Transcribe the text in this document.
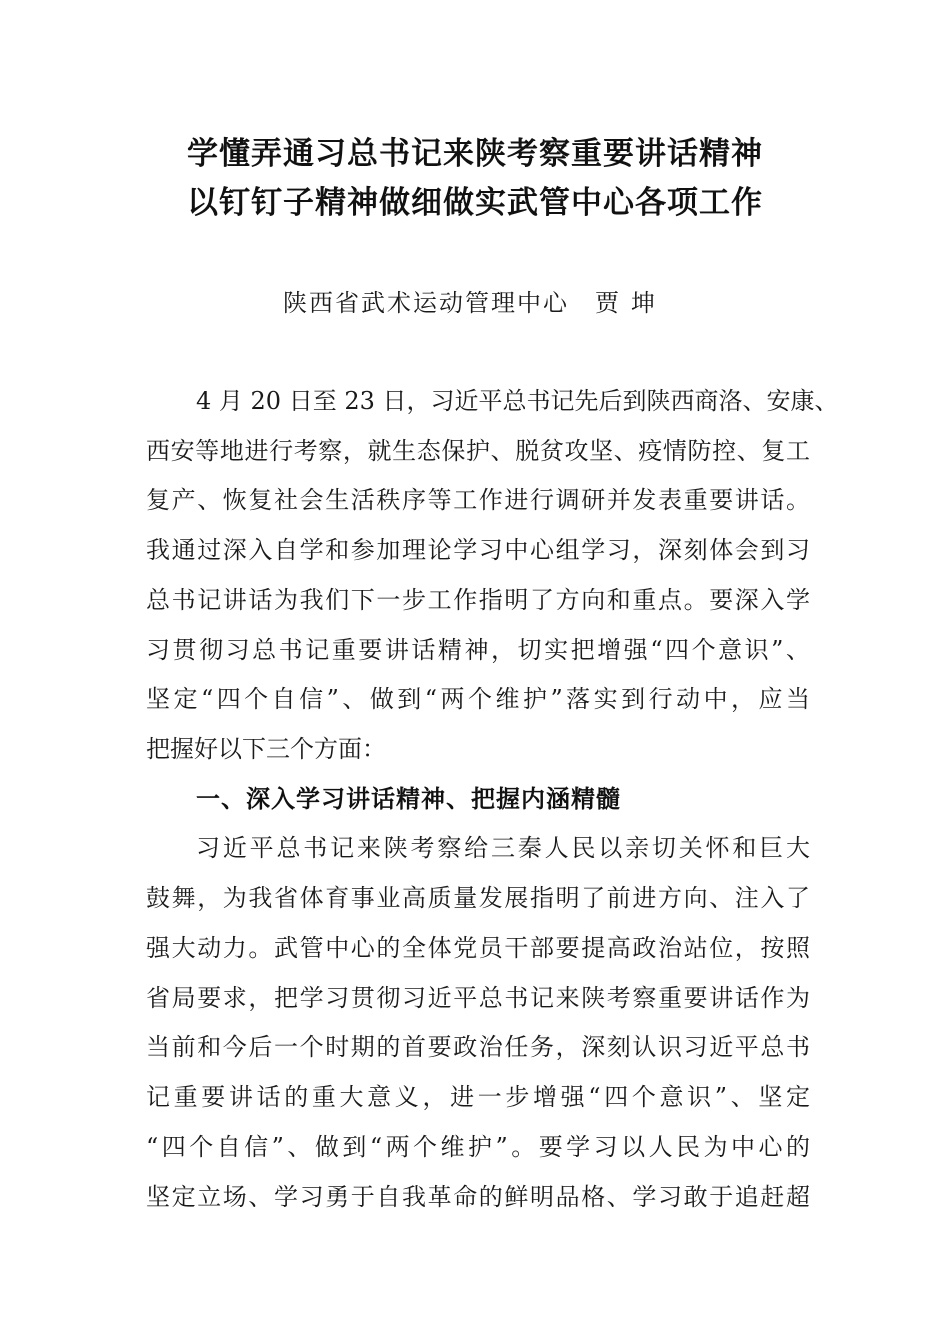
学懂弄通习总书记来陕考察重要讲话精神
以钉钉子精神做细做实武管中心各项工作
陕西省武术运动管理中心 贾坤
4 月 20 日至 23 日，习近平总书记先后到陕西商洛、安康、
西安等地进行考察，就生态保护、脱贫攻坚、疫情防控、复工
复产、恢复社会生活秩序等工作进行调研并发表重要讲话。
我通过深入自学和参加理论学习中心组学习，深刻体会到习
总书记讲话为我们下一步工作指明了方向和重点。要深入学
习贯彻习总书记重要讲话精神，切实把增强“四个意识”、
坚定“四个自信”、做到“两个维护”落实到行动中，应当
把握好以下三个方面：
一、深入学习讲话精神、把握内涵精髓
习近平总书记来陕考察给三秦人民以亲切关怀和巨大
鼓舞，为我省体育事业高质量发展指明了前进方向、注入了
强大动力。武管中心的全体党员干部要提高政治站位，按照
省局要求，把学习贯彻习近平总书记来陕考察重要讲话作为
当前和今后一个时期的首要政治任务，深刻认识习近平总书
记重要讲话的重大意义，进一步增强“四个意识”、坚定
“四个自信”、做到“两个维护”。要学习以人民为中心的
坚定立场、学习勇于自我革命的鲜明品格、学习敢于追赶超
